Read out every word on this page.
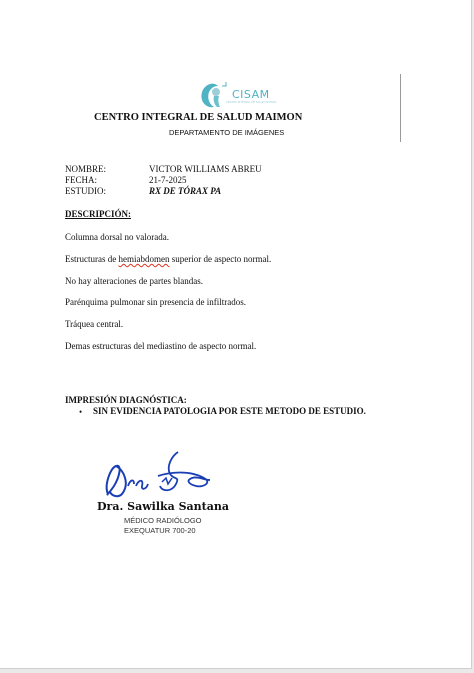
CISAM
CENTRO INTEGRAL DE SALUD MAIMON
CENTRO INTEGRAL DE SALUD MAIMON
DEPARTAMENTO DE IMÁGENES
NOMBRE:	VICTOR WILLIAMS ABREU
FECHA:	21-7-2025
ESTUDIO:	RX DE TÓRAX PA
DESCRIPCIÓN:
Columna dorsal no valorada.
Estructuras de hemiabdomen superior de aspecto normal.
No hay alteraciones de partes blandas.
Parénquima pulmonar sin presencia de infiltrados.
Tráquea central.
Demas estructuras del mediastino de aspecto normal.
IMPRESIÓN DIAGNÓSTICA:
• SIN EVIDENCIA PATOLOGIA POR ESTE METODO DE ESTUDIO.
Dra. Sawilka Santana
MÉDICO RADIÓLOGO
EXEQUATUR 700-20
